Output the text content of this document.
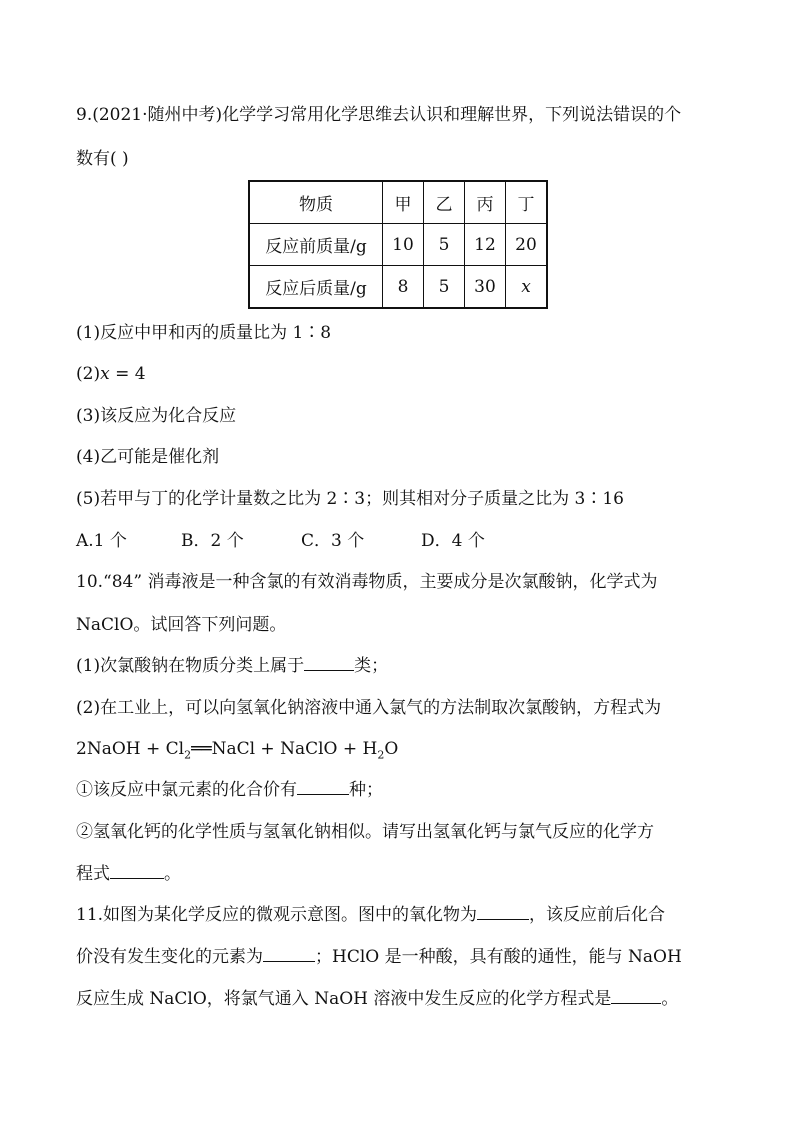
9.(2021·随州中考)化学学习常用化学思维去认识和理解世界，下列说法错误的个
数有( )
物质	甲	乙	丙	丁
反应前质量/g	10	5	12	20
反应后质量/g	8	5	30	x
(1)反应中甲和丙的质量比为 1∶8
(2)x = 4
(3)该反应为化合反应
(4)乙可能是催化剂
(5)若甲与丁的化学计量数之比为 2∶3；则其相对分子质量之比为 3∶16
A.1 个	B．2 个	C．3 个	D．4 个
10.“84” 消毒液是一种含氯的有效消毒物质，主要成分是次氯酸钠，化学式为
NaClO。试回答下列问题。
(1)次氯酸钠在物质分类上属于	类；
(2)在工业上，可以向氢氧化钠溶液中通入氯气的方法制取次氯酸钠，方程式为
2NaOH + $Cl_2══NaCl$ + NaClO + $H_2O$
①该反应中氯元素的化合价有	种；
②氢氧化钙的化学性质与氢氧化钠相似。请写出氢氧化钙与氯气反应的化学方
程式	。
11.如图为某化学反应的微观示意图。图中的氧化物为	，该反应前后化合
价没有发生变化的元素为	；HClO 是一种酸，具有酸的通性，能与 NaOH
反应生成 NaClO，将氯气通入 NaOH 溶液中发生反应的化学方程式是	。
